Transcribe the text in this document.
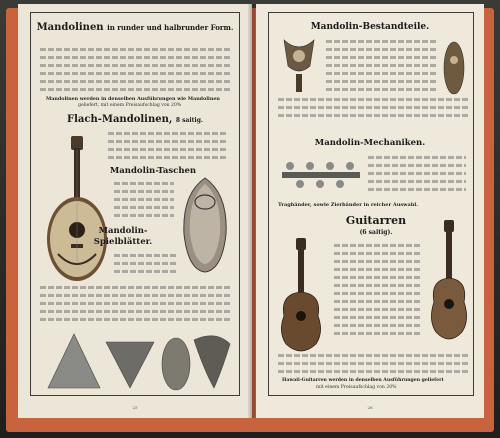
Mandolinen in runder und halbrunder Form.
Mandolinen werden in denselben Ausführungen wie Mandolinen
geliefert, mit einem Preisaufschlag von 20%
Flach-Mandolinen, 8 saitig.
Mandolin-Taschen
Mandolin-
Spielblätter.
25
Mandolin-Bestandteile.
Mandolin-Mechaniken.
Tragbänder, sowie Zierbänder in reicher Auswahl.
Guitarren
(6 saitig).
Hawaii-Guitarren werden in denselben Ausführungen geliefert
mit einem Preisaufschlag von 20%
26
